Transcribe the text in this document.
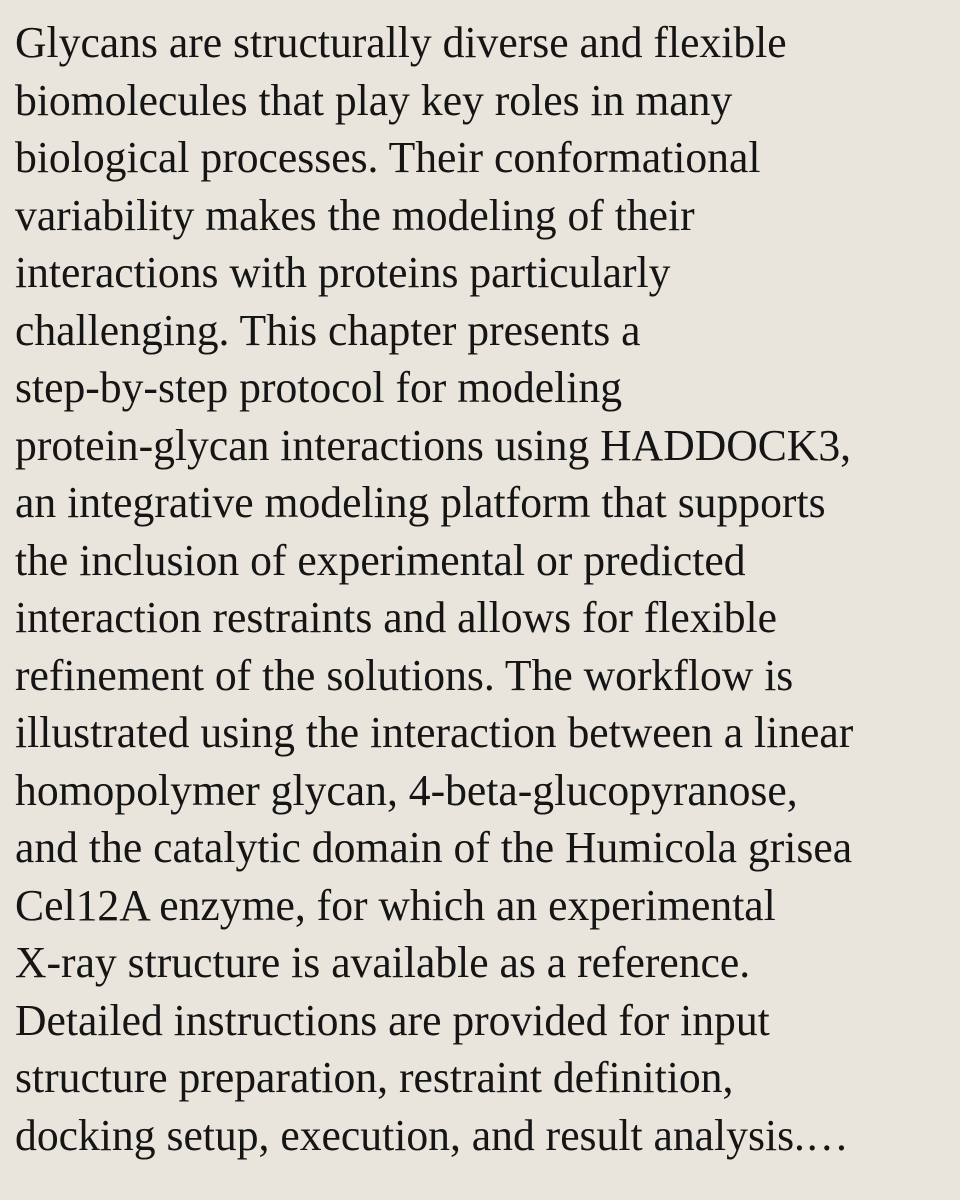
Glycans are structurally diverse and flexible
biomolecules that play key roles in many
biological processes. Their conformational
variability makes the modeling of their
interactions with proteins particularly
challenging. This chapter presents a
step-by-step protocol for modeling
protein-glycan interactions using HADDOCK3,
an integrative modeling platform that supports
the inclusion of experimental or predicted
interaction restraints and allows for flexible
refinement of the solutions. The workflow is
illustrated using the interaction between a linear
homopolymer glycan, 4-beta-glucopyranose,
and the catalytic domain of the Humicola grisea
Cel12A enzyme, for which an experimental
X-ray structure is available as a reference.
Detailed instructions are provided for input
structure preparation, restraint definition,
docking setup, execution, and result analysis.…
